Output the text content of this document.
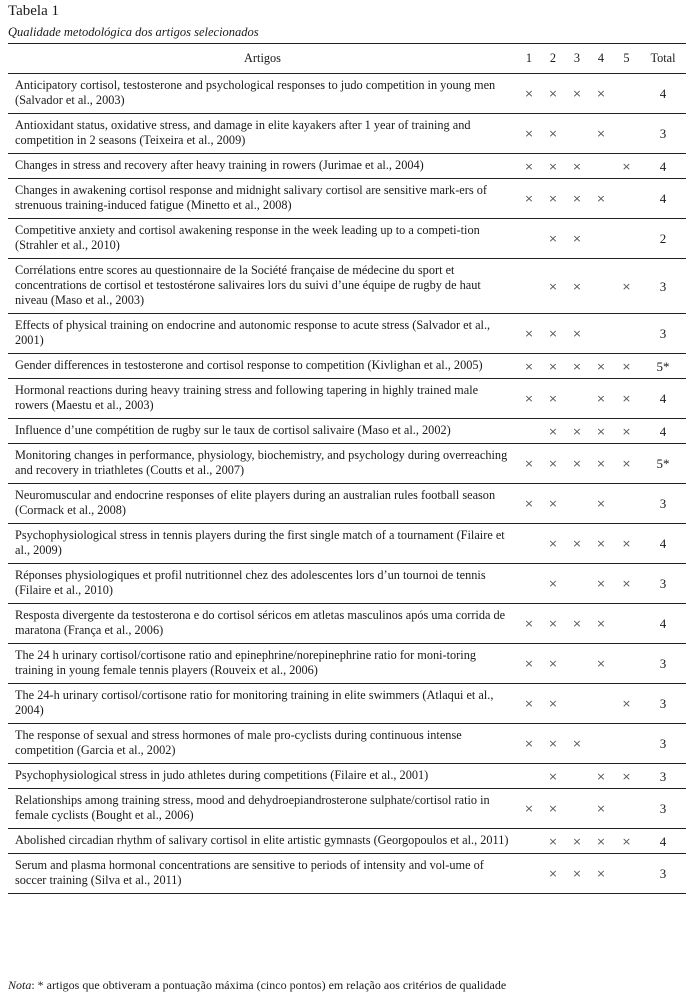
Tabela 1
Qualidade metodológica dos artigos selecionados
Artigos	1	2	3	4	5	Total
Anticipatory cortisol, testosterone and psychological responses to judo competition in young men (Salvador et al., 2003)	×	×	×	×		4
Antioxidant status, oxidative stress, and damage in elite kayakers after 1 year of training and competition in 2 seasons (Teixeira et al., 2009)	×	×		×		3
Changes in stress and recovery after heavy training in rowers (Jurimae et al., 2004)	×	×	×		×	4
Changes in awakening cortisol response and midnight salivary cortisol are sensitive mark-ers of strenuous training-induced fatigue (Minetto et al., 2008)	×	×	×	×		4
Competitive anxiety and cortisol awakening response in the week leading up to a competi-tion (Strahler et al., 2010)		×	×			2
Corrélations entre scores au questionnaire de la Société française de médecine du sport et concentrations de cortisol et testostérone salivaires lors du suivi d’une équipe de rugby de haut niveau (Maso et al., 2003)		×	×		×	3
Effects of physical training on endocrine and autonomic response to acute stress (Salvador et al., 2001)	×	×	×			3
Gender differences in testosterone and cortisol response to competition (Kivlighan et al., 2005)	×	×	×	×	×	5*
Hormonal reactions during heavy training stress and following tapering in highly trained male rowers (Maestu et al., 2003)	×	×		×	×	4
Influence d’une compétition de rugby sur le taux de cortisol salivaire (Maso et al., 2002)		×	×	×	×	4
Monitoring changes in performance, physiology, biochemistry, and psychology during overreaching and recovery in triathletes (Coutts et al., 2007)	×	×	×	×	×	5*
Neuromuscular and endocrine responses of elite players during an australian rules football season (Cormack et al., 2008)	×	×		×		3
Psychophysiological stress in tennis players during the first single match of a tournament (Filaire et al., 2009)		×	×	×	×	4
Réponses physiologiques et profil nutritionnel chez des adolescentes lors d’un tournoi de tennis (Filaire et al., 2010)		×		×	×	3
Resposta divergente da testosterona e do cortisol séricos em atletas masculinos após uma corrida de maratona (França et al., 2006)	×	×	×	×		4
The 24 h urinary cortisol/cortisone ratio and epinephrine/norepinephrine ratio for moni-toring training in young female tennis players (Rouveix et al., 2006)	×	×		×		3
The 24-h urinary cortisol/cortisone ratio for monitoring training in elite swimmers (Atlaqui et al., 2004)	×	×			×	3
The response of sexual and stress hormones of male pro-cyclists during continuous intense competition (Garcia et al., 2002)	×	×	×			3
Psychophysiological stress in judo athletes during competitions (Filaire et al., 2001)		×		×	×	3
Relationships among training stress, mood and dehydroepiandrosterone sulphate/cortisol ratio in female cyclists (Bought et al., 2006)	×	×		×		3
Abolished circadian rhythm of salivary cortisol in elite artistic gymnasts (Georgopoulos et al., 2011)		×	×	×	×	4
Serum and plasma hormonal concentrations are sensitive to periods of intensity and vol-ume of soccer training (Silva et al., 2011)		×	×	×		3
Nota: * artigos que obtiveram a pontuação máxima (cinco pontos) em relação aos critérios de qualidade
